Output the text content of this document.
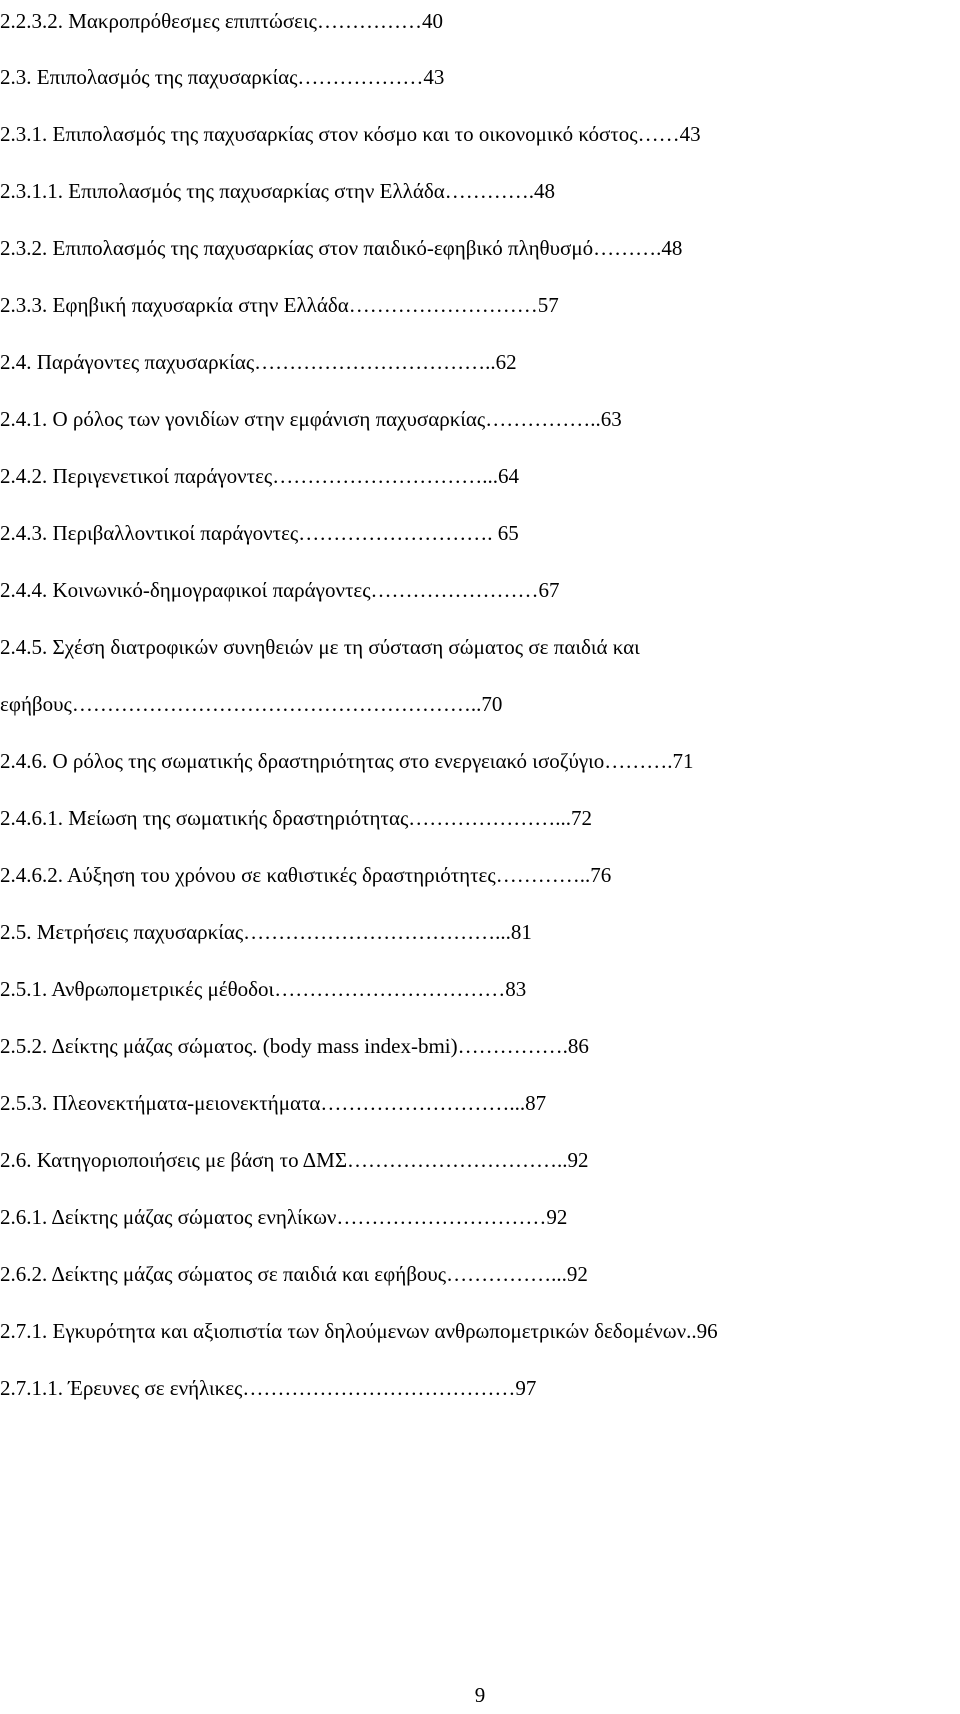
2.2.3.2. Μακροπρόθεσμες επιπτώσεις……………40

2.3. Επιπολασμός της παχυσαρκίας………………43

2.3.1. Επιπολασμός της παχυσαρκίας στον κόσμο και το οικονομικό κόστος……43

2.3.1.1. Επιπολασμός της παχυσαρκίας στην Ελλάδα………….48

2.3.2. Επιπολασμός της παχυσαρκίας στον παιδικό-εφηβικό πληθυσμό……….48

2.3.3. Εφηβική παχυσαρκία στην Ελλάδα………………………57

2.4. Παράγοντες παχυσαρκίας……………………………..62

2.4.1. Ο ρόλος των γονιδίων στην εμφάνιση παχυσαρκίας……………..63

2.4.2. Περιγενετικοί παράγοντες…………………………...64

2.4.3. Περιβαλλοντικοί παράγοντες………………………. 65

2.4.4. Κοινωνικό-δημογραφικοί παράγοντες……………………67

2.4.5. Σχέση διατροφικών συνηθειών με τη σύσταση σώματος σε παιδιά και

εφήβους…………………………………………………..70

2.4.6. Ο ρόλος της σωματικής δραστηριότητας στο ενεργειακό ισοζύγιο……….71

2.4.6.1. Μείωση της σωματικής δραστηριότητας…………………...72

2.4.6.2. Αύξηση του χρόνου σε καθιστικές δραστηριότητες…………..76

2.5. Μετρήσεις παχυσαρκίας………………………………...81

2.5.1. Ανθρωπομετρικές μέθοδοι……………………………83

2.5.2. Δείκτης μάζας σώματος. (body mass index-bmi)…………….86

2.5.3. Πλεονεκτήματα-μειονεκτήματα………………………...87

2.6. Κατηγοριοποιήσεις με βάση το ΔΜΣ…………………………..92

2.6.1. Δείκτης μάζας σώματος ενηλίκων…………………………92

2.6.2. Δείκτης μάζας σώματος σε παιδιά και εφήβους……………...92

2.7.1. Εγκυρότητα και αξιοπιστία των δηλούμενων ανθρωπομετρικών δεδομένων..96

2.7.1.1. Έρευνες σε ενήλικες…………………………………97

9
